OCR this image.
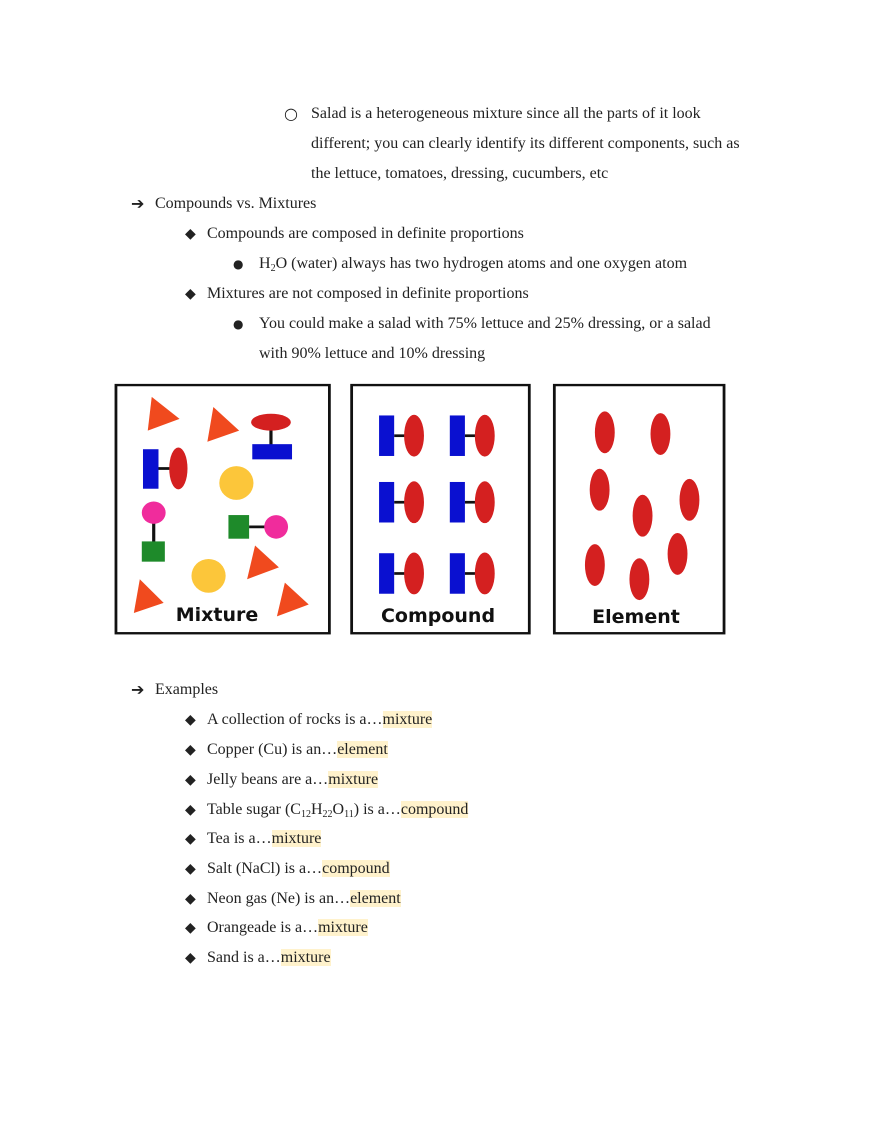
○ Salad is a heterogeneous mixture since all the parts of it look
different; you can clearly identify its different components, such as
the lettuce, tomatoes, dressing, cucumbers, etc
➔ Compounds vs. Mixtures
◆ Compounds are composed in definite proportions
● $H_2O$ (water) always has two hydrogen atoms and one oxygen atom
◆ Mixtures are not composed in definite proportions
● You could make a salad with 75% lettuce and 25% dressing, or a salad
with 90% lettuce and 10% dressing
Mixture	Compound	Element
➔ Examples
◆ A collection of rocks is a…mixture
◆ Copper (Cu) is an…element
◆ Jelly beans are a…mixture
◆ Table sugar $(C_{12}H_{22}O_{11})$ is a…compound
◆ Tea is a…mixture
◆ Salt (NaCl) is a…compound
◆ Neon gas (Ne) is an…element
◆ Orangeade is a…mixture
◆ Sand is a…mixture
